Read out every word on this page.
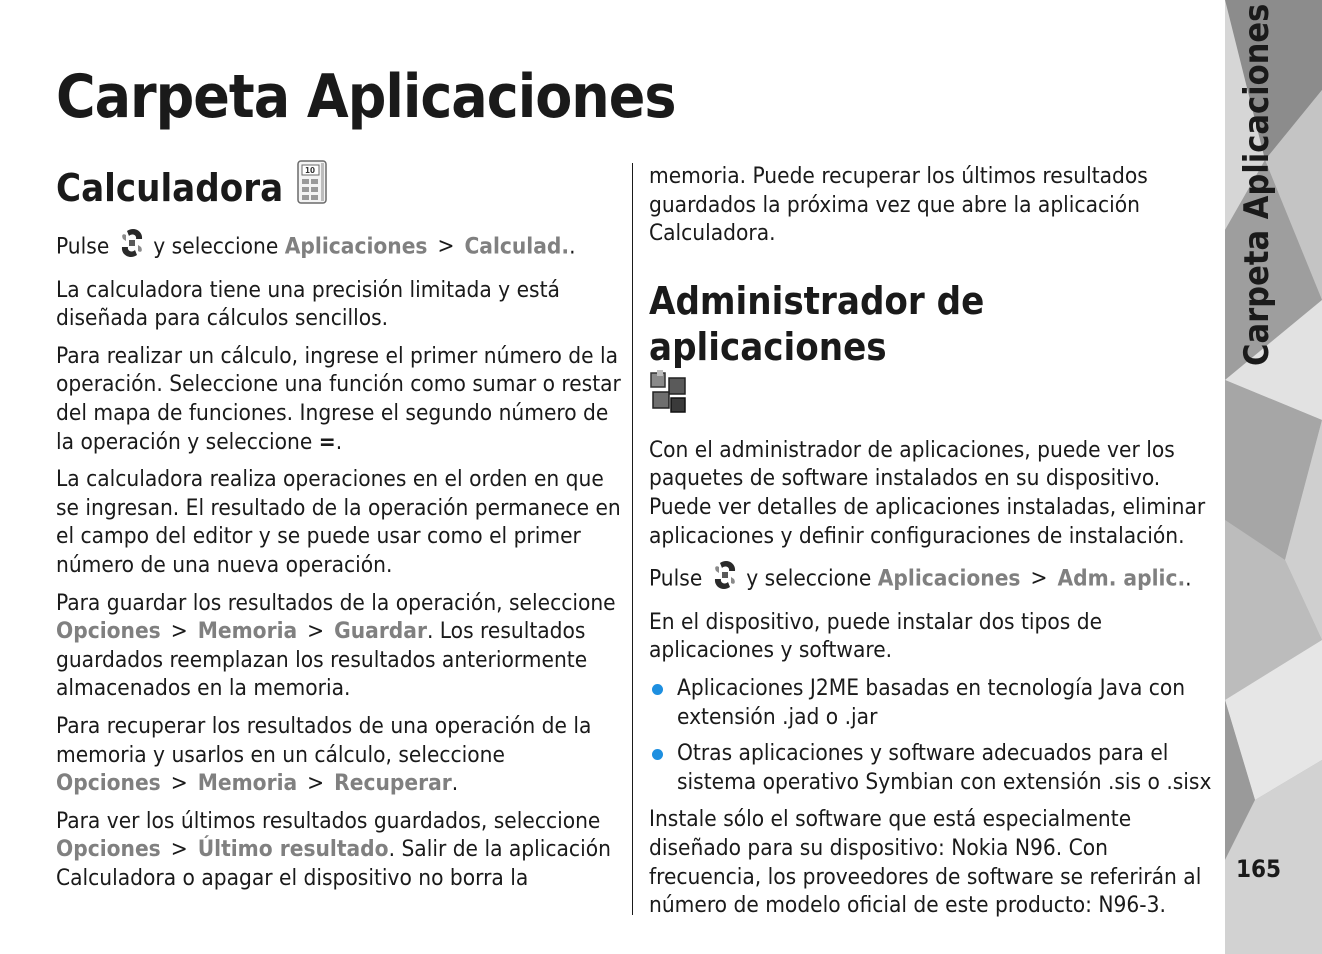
Carpeta Aplicaciones
Calculadora	10

Pulse y seleccione Aplicaciones > Calculad..

La calculadora tiene una precisión limitada y está diseñada para cálculos sencillos.

Para realizar un cálculo, ingrese el primer número de la operación. Seleccione una función como sumar o restar del mapa de funciones. Ingrese el segundo número de la operación y seleccione =.

La calculadora realiza operaciones en el orden en que se ingresan. El resultado de la operación permanece en el campo del editor y se puede usar como el primer número de una nueva operación.

Para guardar los resultados de la operación, seleccione Opciones > Memoria > Guardar. Los resultados guardados reemplazan los resultados anteriormente almacenados en la memoria.

Para recuperar los resultados de una operación de la memoria y usarlos en un cálculo, seleccione Opciones > Memoria > Recuperar.

Para ver los últimos resultados guardados, seleccione Opciones > Último resultado. Salir de la aplicación Calculadora o apagar el dispositivo no borra la

memoria. Puede recuperar los últimos resultados guardados la próxima vez que abre la aplicación Calculadora.

Administrador de aplicaciones

Con el administrador de aplicaciones, puede ver los paquetes de software instalados en su dispositivo. Puede ver detalles de aplicaciones instaladas, eliminar aplicaciones y definir configuraciones de instalación.

Pulse y seleccione Aplicaciones > Adm. aplic..

En el dispositivo, puede instalar dos tipos de aplicaciones y software.

Aplicaciones J2ME basadas en tecnología Java con extensión .jad o .jar
Otras aplicaciones y software adecuados para el sistema operativo Symbian con extensión .sis o .sisx

Instale sólo el software que está especialmente diseñado para su dispositivo: Nokia N96. Con frecuencia, los proveedores de software se referirán al número de modelo oficial de este producto: N96-3.

Carpeta Aplicaciones
165
